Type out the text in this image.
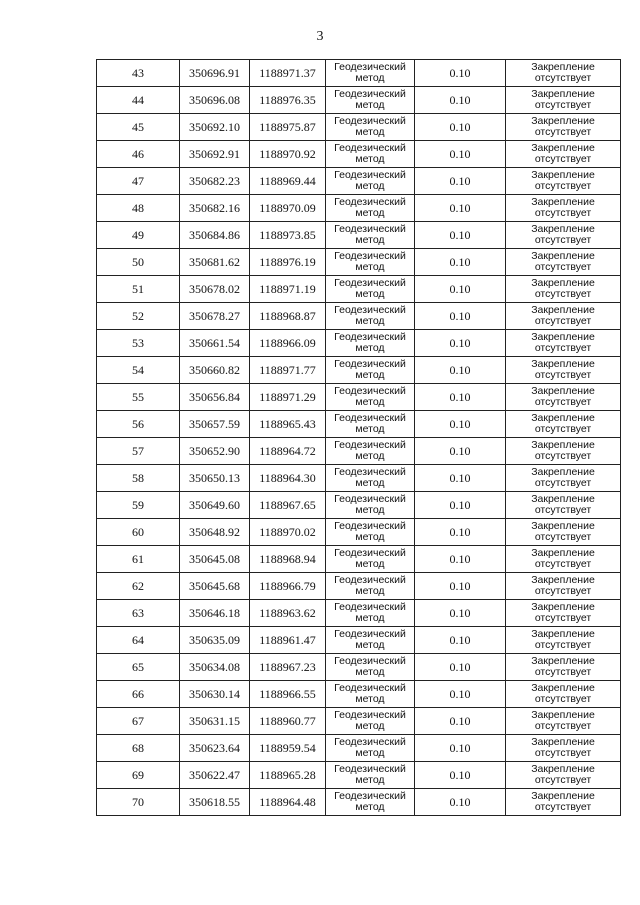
3
43	350696.91	1188971.37	Геодезический
метод	0.10	Закрепление
отсутствует

44	350696.08	1188976.35	Геодезический
метод	0.10	Закрепление
отсутствует

45	350692.10	1188975.87	Геодезический
метод	0.10	Закрепление
отсутствует

46	350692.91	1188970.92	Геодезический
метод	0.10	Закрепление
отсутствует

47	350682.23	1188969.44	Геодезический
метод	0.10	Закрепление
отсутствует

48	350682.16	1188970.09	Геодезический
метод	0.10	Закрепление
отсутствует

49	350684.86	1188973.85	Геодезический
метод	0.10	Закрепление
отсутствует

50	350681.62	1188976.19	Геодезический
метод	0.10	Закрепление
отсутствует

51	350678.02	1188971.19	Геодезический
метод	0.10	Закрепление
отсутствует

52	350678.27	1188968.87	Геодезический
метод	0.10	Закрепление
отсутствует

53	350661.54	1188966.09	Геодезический
метод	0.10	Закрепление
отсутствует

54	350660.82	1188971.77	Геодезический
метод	0.10	Закрепление
отсутствует

55	350656.84	1188971.29	Геодезический
метод	0.10	Закрепление
отсутствует

56	350657.59	1188965.43	Геодезический
метод	0.10	Закрепление
отсутствует

57	350652.90	1188964.72	Геодезический
метод	0.10	Закрепление
отсутствует

58	350650.13	1188964.30	Геодезический
метод	0.10	Закрепление
отсутствует

59	350649.60	1188967.65	Геодезический
метод	0.10	Закрепление
отсутствует

60	350648.92	1188970.02	Геодезический
метод	0.10	Закрепление
отсутствует

61	350645.08	1188968.94	Геодезический
метод	0.10	Закрепление
отсутствует

62	350645.68	1188966.79	Геодезический
метод	0.10	Закрепление
отсутствует

63	350646.18	1188963.62	Геодезический
метод	0.10	Закрепление
отсутствует

64	350635.09	1188961.47	Геодезический
метод	0.10	Закрепление
отсутствует

65	350634.08	1188967.23	Геодезический
метод	0.10	Закрепление
отсутствует

66	350630.14	1188966.55	Геодезический
метод	0.10	Закрепление
отсутствует

67	350631.15	1188960.77	Геодезический
метод	0.10	Закрепление
отсутствует

68	350623.64	1188959.54	Геодезический
метод	0.10	Закрепление
отсутствует

69	350622.47	1188965.28	Геодезический
метод	0.10	Закрепление
отсутствует

70	350618.55	1188964.48	Геодезический
метод	0.10	Закрепление
отсутствует
